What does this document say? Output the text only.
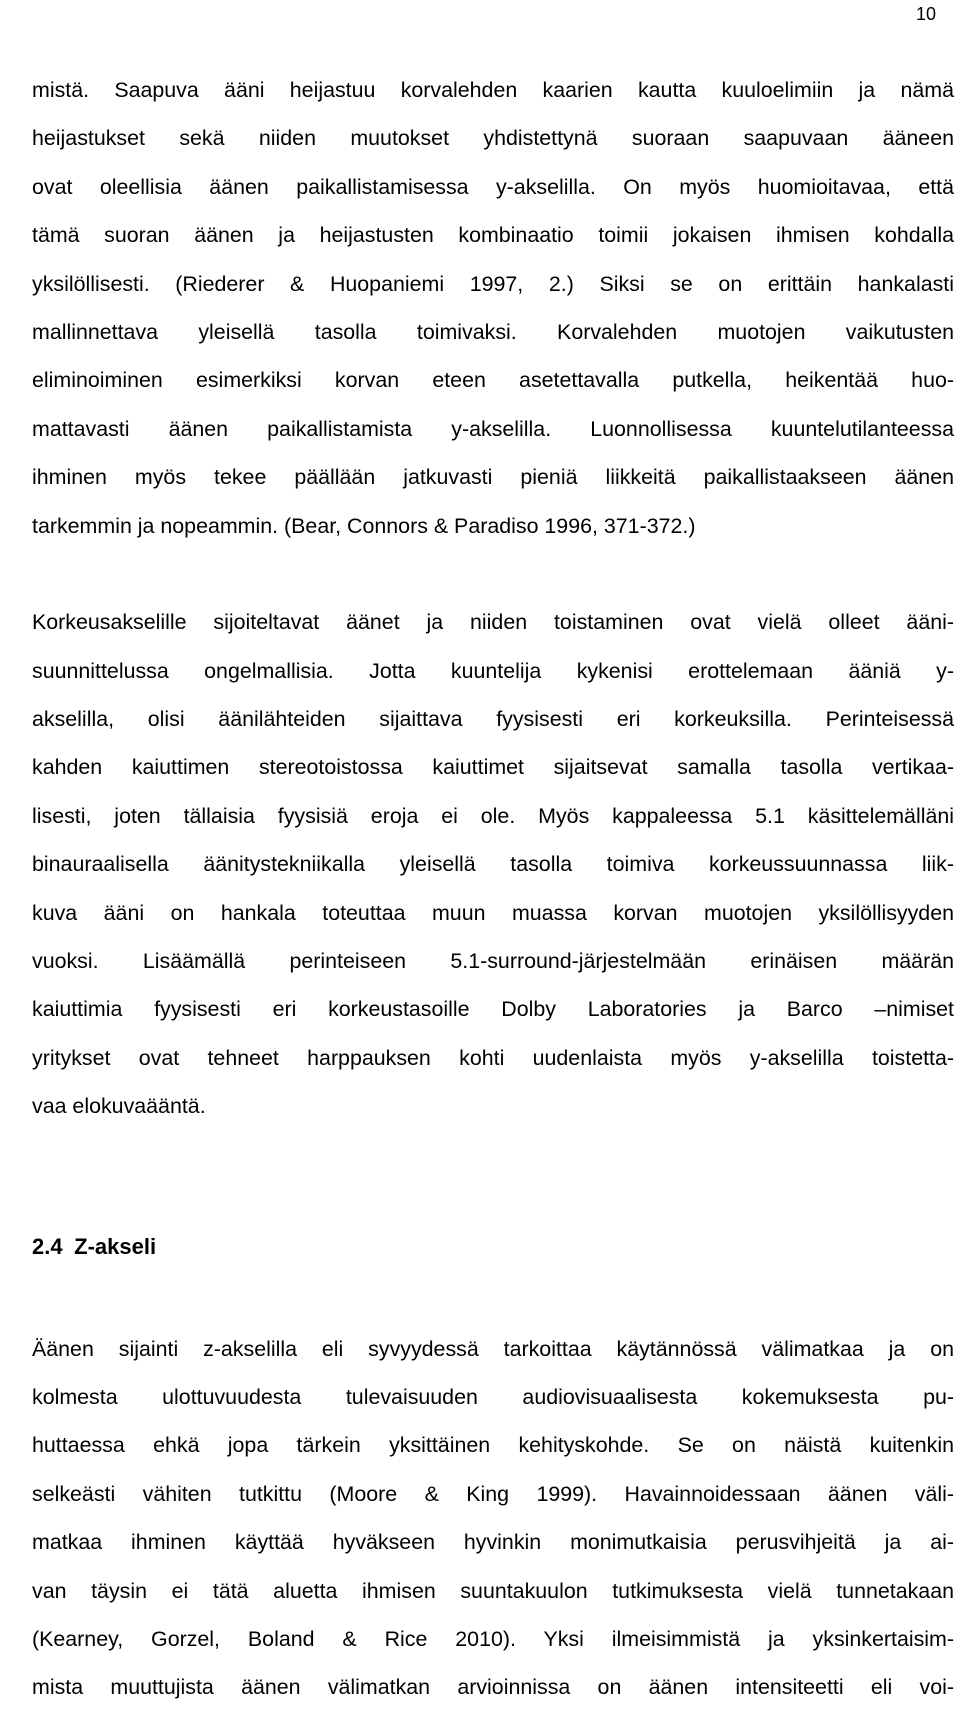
10
mistä. Saapuva ääni heijastuu korvalehden kaarien kautta kuuloelimiin ja nämä
heijastukset sekä niiden muutokset yhdistettynä suoraan saapuvaan ääneen
ovat oleellisia äänen paikallistamisessa y-akselilla. On myös huomioitavaa, että
tämä suoran äänen ja heijastusten kombinaatio toimii jokaisen ihmisen kohdalla
yksilöllisesti. (Riederer & Huopaniemi 1997, 2.) Siksi se on erittäin hankalasti
mallinnettava yleisellä tasolla toimivaksi. Korvalehden muotojen vaikutusten
eliminoiminen esimerkiksi korvan eteen asetettavalla putkella, heikentää huo-
mattavasti äänen paikallistamista y-akselilla. Luonnollisessa kuuntelutilanteessa
ihminen myös tekee päällään jatkuvasti pieniä liikkeitä paikallistaakseen äänen
tarkemmin ja nopeammin. (Bear, Connors & Paradiso 1996, 371-372.)
Korkeusakselille sijoiteltavat äänet ja niiden toistaminen ovat vielä olleet ääni-
suunnittelussa ongelmallisia. Jotta kuuntelija kykenisi erottelemaan ääniä y-
akselilla, olisi äänilähteiden sijaittava fyysisesti eri korkeuksilla. Perinteisessä
kahden kaiuttimen stereotoistossa kaiuttimet sijaitsevat samalla tasolla vertikaa-
lisesti, joten tällaisia fyysisiä eroja ei ole. Myös kappaleessa 5.1 käsittelemälläni
binauraalisella äänitystekniikalla yleisellä tasolla toimiva korkeussuunnassa liik-
kuva ääni on hankala toteuttaa muun muassa korvan muotojen yksilöllisyyden
vuoksi. Lisäämällä perinteiseen 5.1-surround-järjestelmään erinäisen määrän
kaiuttimia fyysisesti eri korkeustasoille Dolby Laboratories ja Barco –nimiset
yritykset ovat tehneet harppauksen kohti uudenlaista myös y-akselilla toistetta-
vaa elokuvaääntä.
2.4 Z-akseli
Äänen sijainti z-akselilla eli syvyydessä tarkoittaa käytännössä välimatkaa ja on
kolmesta ulottuvuudesta tulevaisuuden audiovisuaalisesta kokemuksesta pu-
huttaessa ehkä jopa tärkein yksittäinen kehityskohde. Se on näistä kuitenkin
selkeästi vähiten tutkittu (Moore & King 1999). Havainnoidessaan äänen väli-
matkaa ihminen käyttää hyväkseen hyvinkin monimutkaisia perusvihjeitä ja ai-
van täysin ei tätä aluetta ihmisen suuntakuulon tutkimuksesta vielä tunnetakaan
(Kearney, Gorzel, Boland & Rice 2010). Yksi ilmeisimmistä ja yksinkertaisim-
mista muuttujista äänen välimatkan arvioinnissa on äänen intensiteetti eli voi-
